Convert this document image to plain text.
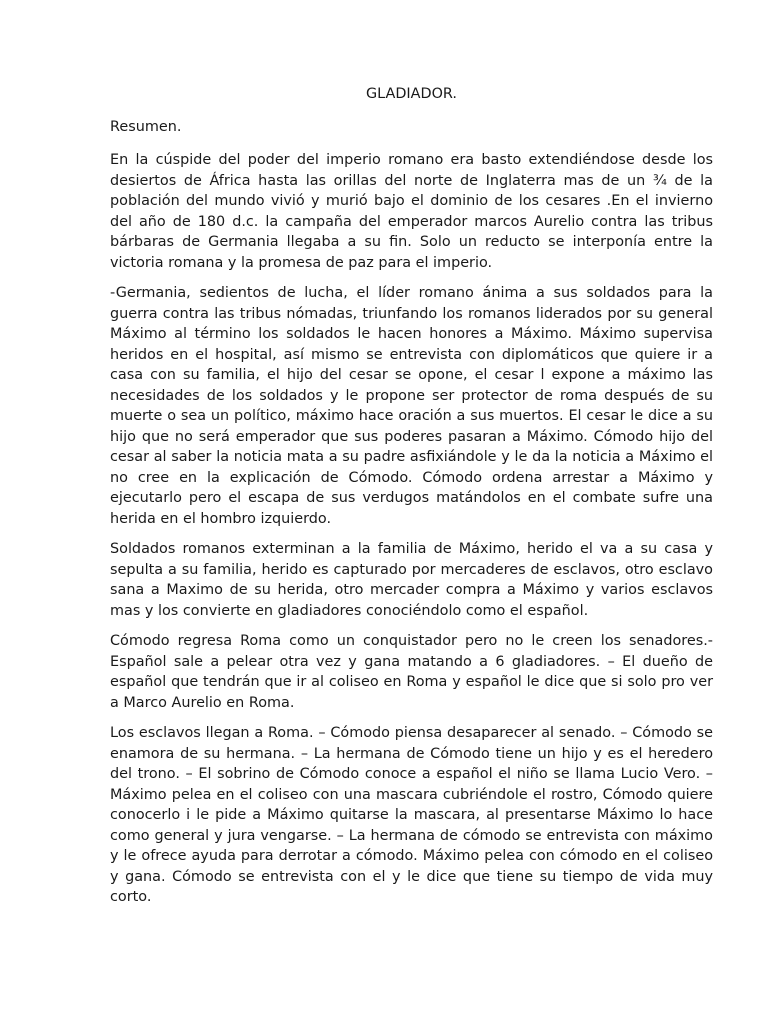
GLADIADOR.
Resumen.

En la cúspide del poder del imperio romano era basto extendiéndose desde los desiertos de África hasta las orillas del norte de Inglaterra mas de un ¾ de la población del mundo vivió y murió bajo el dominio de los cesares .En el invierno del año de 180 d.c. la campaña del emperador marcos Aurelio contra las tribus bárbaras de Germania llegaba a su fin. Solo un reducto se interponía entre la victoria romana y la promesa de paz para el imperio.

-Germania, sedientos de lucha, el líder romano ánima a sus soldados para la guerra contra las tribus nómadas, triunfando los romanos liderados por su general Máximo al término los soldados le hacen honores a Máximo. Máximo supervisa heridos en el hospital, así mismo se entrevista con diplomáticos que quiere ir a casa con su familia, el hijo del cesar se opone, el cesar l expone a máximo las necesidades de los soldados y le propone ser protector de roma después de su muerte o sea un político, máximo hace oración a sus muertos. El cesar le dice a su hijo que no será emperador que sus poderes pasaran a Máximo. Cómodo hijo del cesar al saber la noticia mata a su padre asfixiándole y le da la noticia a Máximo el no cree en la explicación de Cómodo. Cómodo ordena arrestar a Máximo y ejecutarlo pero el escapa de sus verdugos matándolos en el combate sufre una herida en el hombro izquierdo.

Soldados romanos exterminan a la familia de Máximo, herido el va a su casa y sepulta a su familia, herido es capturado por mercaderes de esclavos, otro esclavo sana a Maximo de su herida, otro mercader compra a Máximo y varios esclavos mas y los convierte en gladiadores conociéndolo como el español.

Cómodo regresa Roma como un conquistador pero no le creen los senadores.-Español sale a pelear otra vez y gana matando a 6 gladiadores. – El dueño de español que tendrán que ir al coliseo en Roma y español le dice que si solo pro ver a Marco Aurelio en Roma.

Los esclavos llegan a Roma. – Cómodo piensa desaparecer al senado. – Cómodo se enamora de su hermana. – La hermana de Cómodo tiene un hijo y es el heredero del trono. – El sobrino de Cómodo conoce a español el niño se llama Lucio Vero. – Máximo pelea en el coliseo con una mascara cubriéndole el rostro, Cómodo quiere conocerlo i le pide a Máximo quitarse la mascara, al presentarse Máximo lo hace como general y jura vengarse. – La hermana de cómodo se entrevista con máximo y le ofrece ayuda para derrotar a cómodo. Máximo pelea con cómodo en el coliseo y gana. Cómodo se entrevista con el y le dice que tiene su tiempo de vida muy corto.
